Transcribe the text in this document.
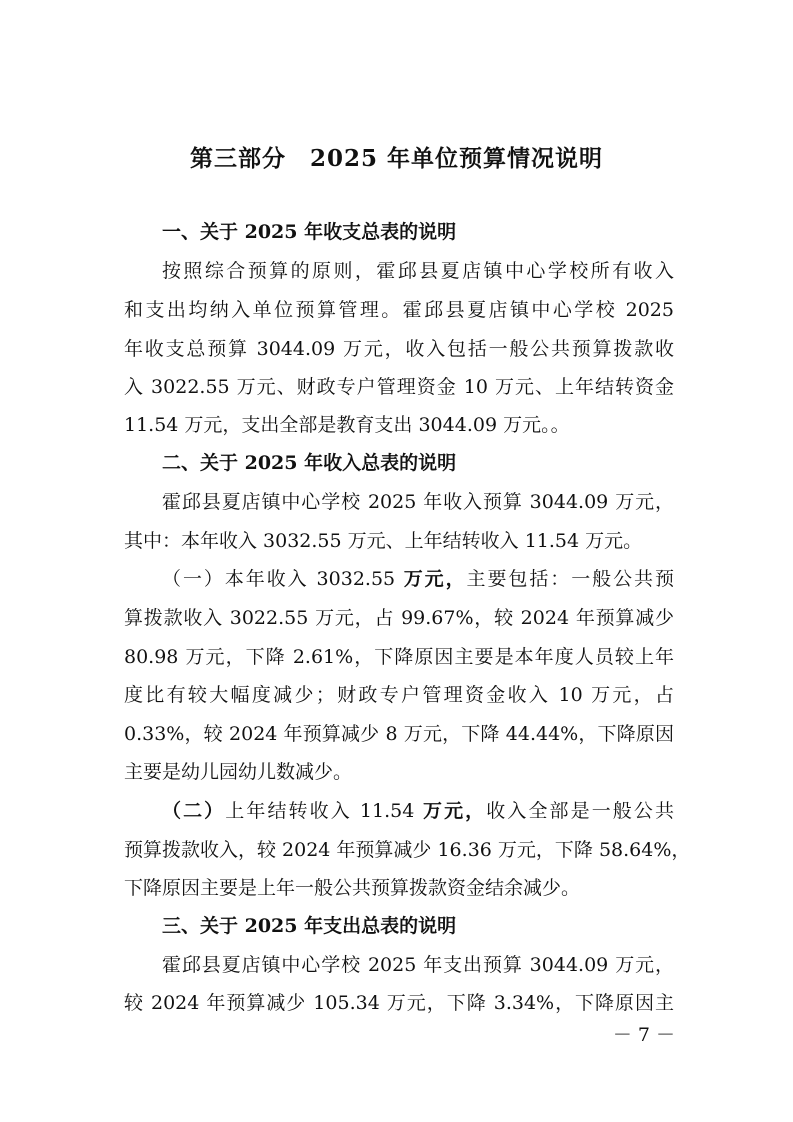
第三部分 2025 年单位预算情况说明
一、关于 2025 年收支总表的说明
按照综合预算的原则，霍邱县夏店镇中心学校所有收入
和支出均纳入单位预算管理。霍邱县夏店镇中心学校 2025
年收支总预算 3044.09 万元，收入包括一般公共预算拨款收
入 3022.55 万元、财政专户管理资金 10 万元、上年结转资金
11.54 万元，支出全部是教育支出 3044.09 万元。。
二、关于 2025 年收入总表的说明
霍邱县夏店镇中心学校 2025 年收入预算 3044.09 万元，
其中：本年收入 3032.55 万元、上年结转收入 11.54 万元。
（一）本年收入 3032.55 万元，主要包括：一般公共预
算拨款收入 3022.55 万元，占 99.67%，较 2024 年预算减少
80.98 万元，下降 2.61%，下降原因主要是本年度人员较上年
度比有较大幅度减少；财政专户管理资金收入 10 万元，占
0.33%，较 2024 年预算减少 8 万元，下降 44.44%，下降原因
主要是幼儿园幼儿数减少。
（二）上年结转收入 11.54 万元，收入全部是一般公共
预算拨款收入，较 2024 年预算减少 16.36 万元，下降 58.64%，
下降原因主要是上年一般公共预算拨款资金结余减少。
三、关于 2025 年支出总表的说明
霍邱县夏店镇中心学校 2025 年支出预算 3044.09 万元，
较 2024 年预算减少 105.34 万元，下降 3.34%，下降原因主
－ 7 －
